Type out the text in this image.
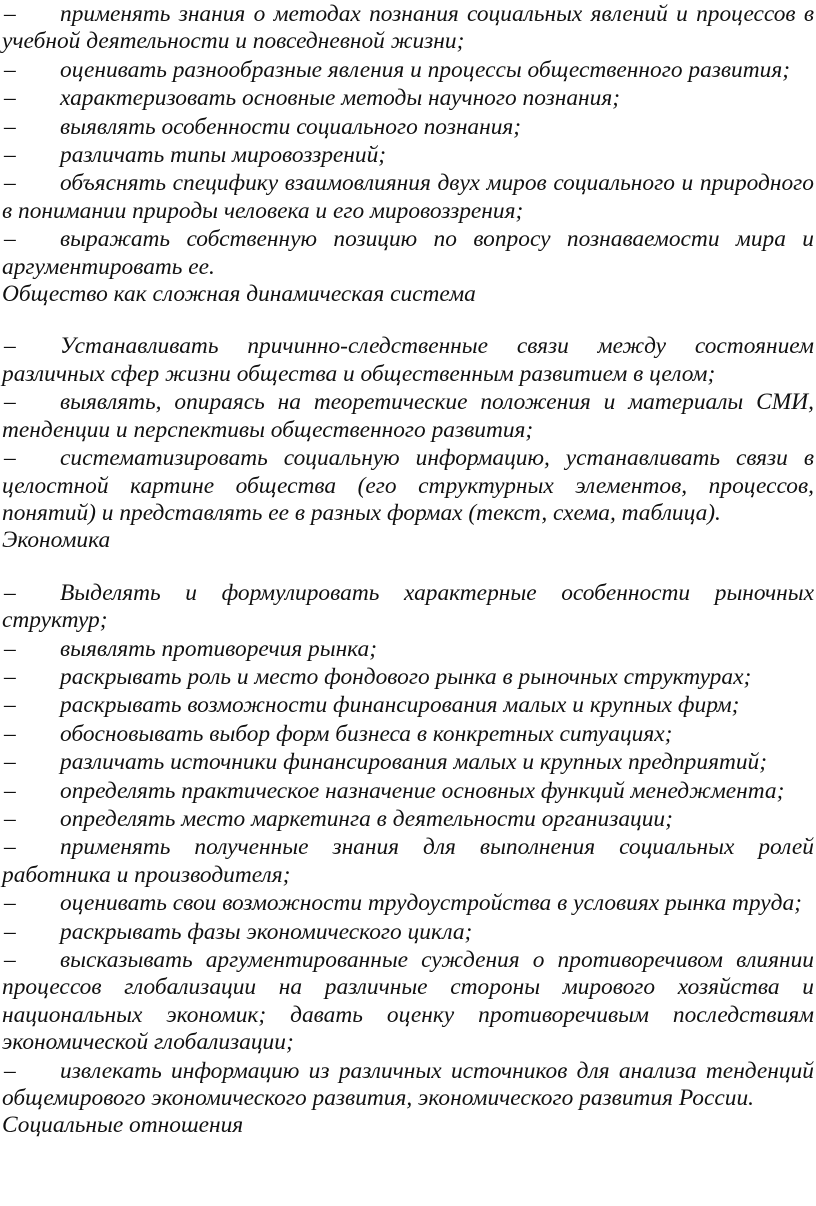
– применять знания о методах познания социальных явлений и процессов в учебной деятельности и повседневной жизни;

– оценивать разнообразные явления и процессы общественного развития;

– характеризовать основные методы научного познания;

– выявлять особенности социального познания;

– различать типы мировоззрений;

– объяснять специфику взаимовлияния двух миров социального и природного в понимании природы человека и его мировоззрения;

– выражать собственную позицию по вопросу познаваемости мира и аргументировать ее.

Общество как сложная динамическая система

– Устанавливать причинно-следственные связи между состоянием различных сфер жизни общества и общественным развитием в целом;

– выявлять, опираясь на теоретические положения и материалы СМИ, тенденции и перспективы общественного развития;

– систематизировать социальную информацию, устанавливать связи в целостной картине общества (его структурных элементов, процессов, понятий) и представлять ее в разных формах (текст, схема, таблица).

Экономика

– Выделять и формулировать характерные особенности рыночных структур;

– выявлять противоречия рынка;

– раскрывать роль и место фондового рынка в рыночных структурах;

– раскрывать возможности финансирования малых и крупных фирм;

– обосновывать выбор форм бизнеса в конкретных ситуациях;

– различать источники финансирования малых и крупных предприятий;

– определять практическое назначение основных функций менеджмента;

– определять место маркетинга в деятельности организации;

– применять полученные знания для выполнения социальных ролей работника и производителя;

– оценивать свои возможности трудоустройства в условиях рынка труда;

– раскрывать фазы экономического цикла;

– высказывать аргументированные суждения о противоречивом влиянии процессов глобализации на различные стороны мирового хозяйства и национальных экономик; давать оценку противоречивым последствиям экономической глобализации;

– извлекать информацию из различных источников для анализа тенденций общемирового экономического развития, экономического развития России.

Социальные отношения
